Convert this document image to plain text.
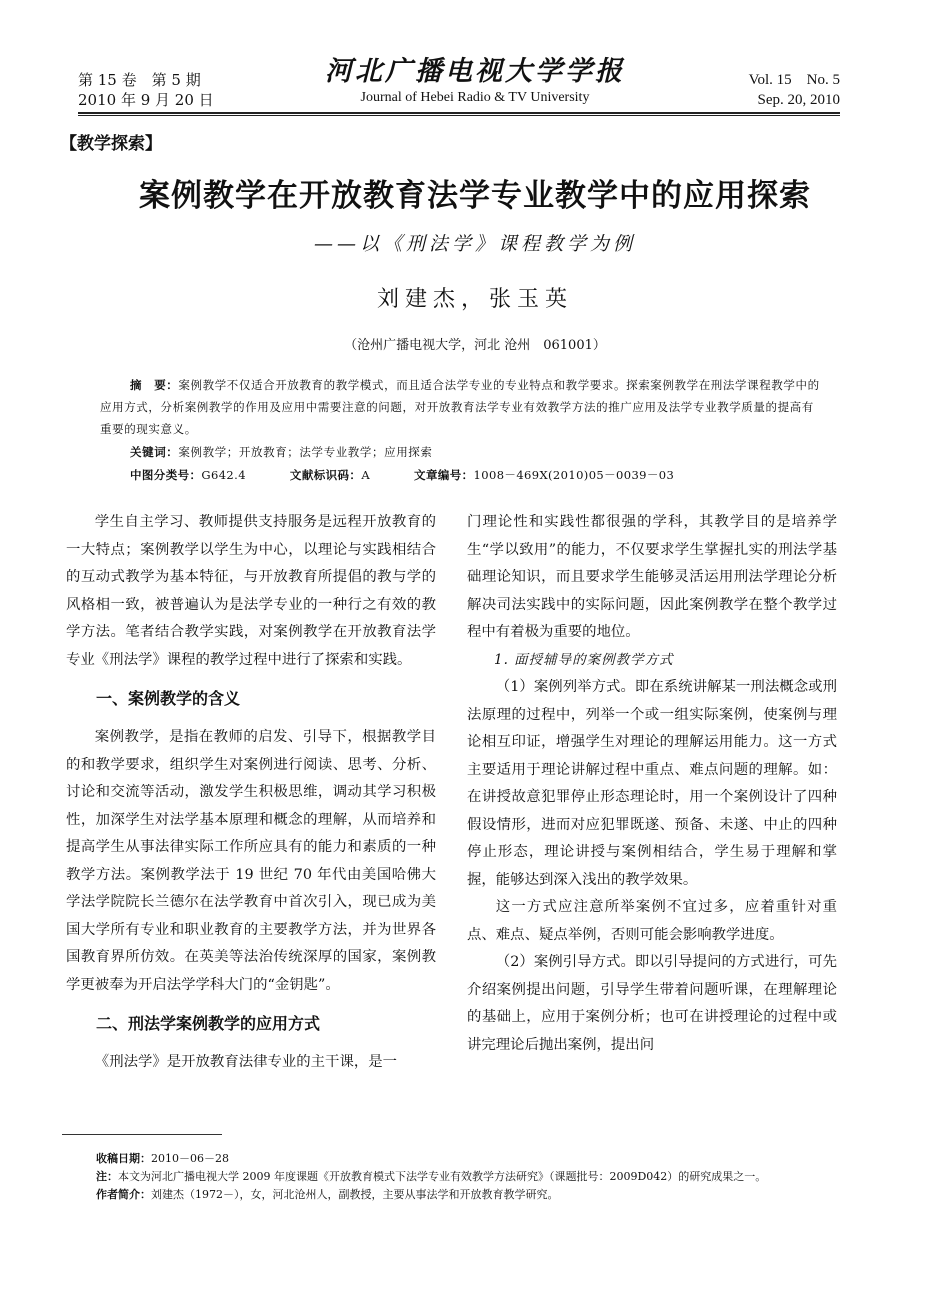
第 15 卷　第 5 期
2010 年 9 月 20 日
河北广播电视大学学报
Journal of Hebei Radio & TV University
Vol. 15　No. 5
Sep. 20, 2010
【教学探索】
案例教学在开放教育法学专业教学中的应用探索
——以《刑法学》课程教学为例
刘建杰，张玉英
（沧州广播电视大学，河北 沧州　061001）
摘　要：案例教学不仅适合开放教育的教学模式，而且适合法学专业的专业特点和教学要求。探索案例教学在刑法学课程教学中的应用方式，分析案例教学的作用及应用中需要注意的问题，对开放教育法学专业有效教学方法的推广应用及法学专业教学质量的提高有重要的现实意义。
关键词：案例教学；开放教育；法学专业教学；应用探索
中图分类号：G642.4	文献标识码：A	文章编号：1008－469X(2010)05－0039－03

学生自主学习、教师提供支持服务是远程开放教育的一大特点；案例教学以学生为中心，以理论与实践相结合的互动式教学为基本特征，与开放教育所提倡的教与学的风格相一致，被普遍认为是法学专业的一种行之有效的教学方法。笔者结合教学实践，对案例教学在开放教育法学专业《刑法学》课程的教学过程中进行了探索和实践。

一、案例教学的含义

案例教学，是指在教师的启发、引导下，根据教学目的和教学要求，组织学生对案例进行阅读、思考、分析、讨论和交流等活动，激发学生积极思维，调动其学习积极性，加深学生对法学基本原理和概念的理解，从而培养和提高学生从事法律实际工作所应具有的能力和素质的一种教学方法。案例教学法于 19 世纪 70 年代由美国哈佛大学法学院院长兰德尔在法学教育中首次引入，现已成为美国大学所有专业和职业教育的主要教学方法，并为世界各国教育界所仿效。在英美等法治传统深厚的国家，案例教学更被奉为开启法学学科大门的“金钥匙”。

二、刑法学案例教学的应用方式

《刑法学》是开放教育法律专业的主干课，是一

门理论性和实践性都很强的学科，其教学目的是培养学生“学以致用”的能力，不仅要求学生掌握扎实的刑法学基础理论知识，而且要求学生能够灵活运用刑法学理论分析解决司法实践中的实际问题，因此案例教学在整个教学过程中有着极为重要的地位。

1. 面授辅导的案例教学方式

（1）案例列举方式。即在系统讲解某一刑法概念或刑法原理的过程中，列举一个或一组实际案例，使案例与理论相互印证，增强学生对理论的理解运用能力。这一方式主要适用于理论讲解过程中重点、难点问题的理解。如：在讲授故意犯罪停止形态理论时，用一个案例设计了四种假设情形，进而对应犯罪既遂、预备、未遂、中止的四种停止形态，理论讲授与案例相结合，学生易于理解和掌握，能够达到深入浅出的教学效果。

这一方式应注意所举案例不宜过多，应着重针对重点、难点、疑点举例，否则可能会影响教学进度。

（2）案例引导方式。即以引导提问的方式进行，可先介绍案例提出问题，引导学生带着问题听课，在理解理论的基础上，应用于案例分析；也可在讲授理论的过程中或讲完理论后抛出案例，提出问

收稿日期：2010－06－28
注：本文为河北广播电视大学 2009 年度课题《开放教育模式下法学专业有效教学方法研究》（课题批号：2009D042）的研究成果之一。
作者简介：刘建杰（1972－），女，河北沧州人，副教授，主要从事法学和开放教育教学研究。
